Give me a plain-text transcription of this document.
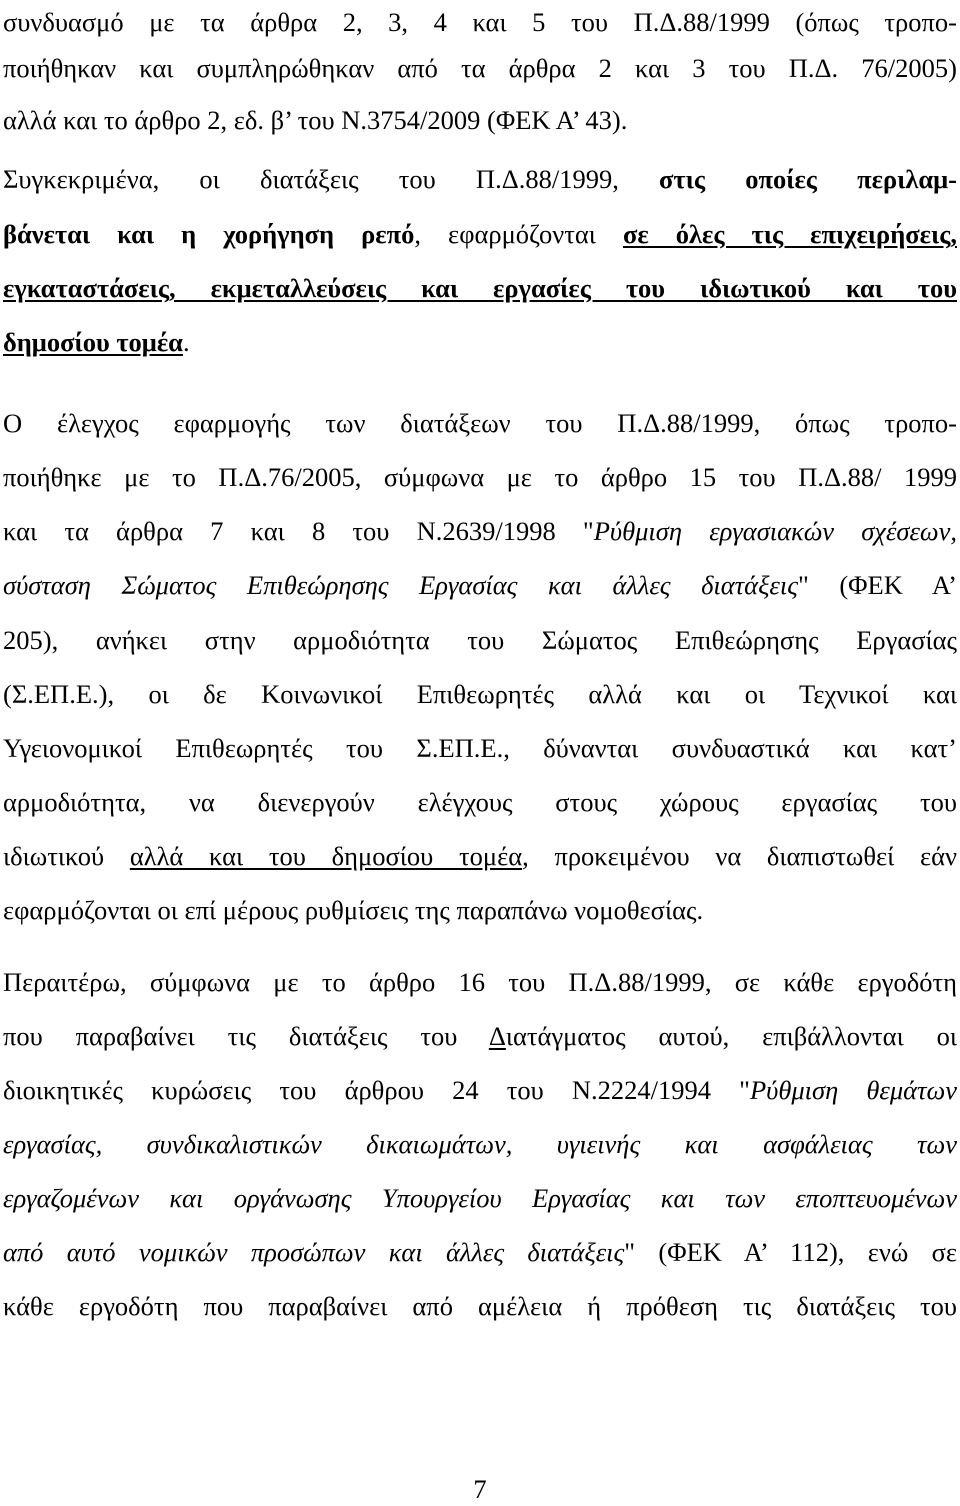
συνδυασμό με τα άρθρα 2, 3, 4 και 5 του Π.Δ.88/1999 (όπως τροπο-
ποιήθηκαν και συμπληρώθηκαν από τα άρθρα 2 και 3 του Π.Δ. 76/2005)
αλλά και το άρθρο 2, εδ. β’ του Ν.3754/2009 (ΦΕΚ Α’ 43).
Συγκεκριμένα, οι διατάξεις του Π.Δ.88/1999, στις οποίες περιλαμ-
βάνεται και η χορήγηση ρεπό, εφαρμόζονται σε όλες τις επιχειρήσεις,
εγκαταστάσεις, εκμεταλλεύσεις και εργασίες του ιδιωτικού και του
δημοσίου τομέα.
Ο έλεγχος εφαρμογής των διατάξεων του Π.Δ.88/1999, όπως τροπο-
ποιήθηκε με το Π.Δ.76/2005, σύμφωνα με το άρθρο 15 του Π.Δ.88/ 1999
και τα άρθρα 7 και 8 του Ν.2639/1998 "Ρύθμιση εργασιακών σχέσεων,
σύσταση Σώματος Επιθεώρησης Εργασίας και άλλες διατάξεις" (ΦΕΚ Α’
205), ανήκει στην αρμοδιότητα του Σώματος Επιθεώρησης Εργασίας
(Σ.ΕΠ.Ε.), οι δε Κοινωνικοί Επιθεωρητές αλλά και οι Τεχνικοί και
Υγειονομικοί Επιθεωρητές του Σ.ΕΠ.Ε., δύνανται συνδυαστικά και κατ’
αρμοδιότητα, να διενεργούν ελέγχους στους χώρους εργασίας του
ιδιωτικού αλλά και του δημοσίου τομέα, προκειμένου να διαπιστωθεί εάν
εφαρμόζονται οι επί μέρους ρυθμίσεις της παραπάνω νομοθεσίας.
Περαιτέρω, σύμφωνα με το άρθρο 16 του Π.Δ.88/1999, σε κάθε εργοδότη
που παραβαίνει τις διατάξεις του Διατάγματος αυτού, επιβάλλονται οι
διοικητικές κυρώσεις του άρθρου 24 του Ν.2224/1994 "Ρύθμιση θεμάτων
εργασίας, συνδικαλιστικών δικαιωμάτων, υγιεινής και ασφάλειας των
εργαζομένων και οργάνωσης Υπουργείου Εργασίας και των εποπτευομένων
από αυτό νομικών προσώπων και άλλες διατάξεις" (ΦΕΚ Α’ 112), ενώ σε
κάθε εργοδότη που παραβαίνει από αμέλεια ή πρόθεση τις διατάξεις του
7
